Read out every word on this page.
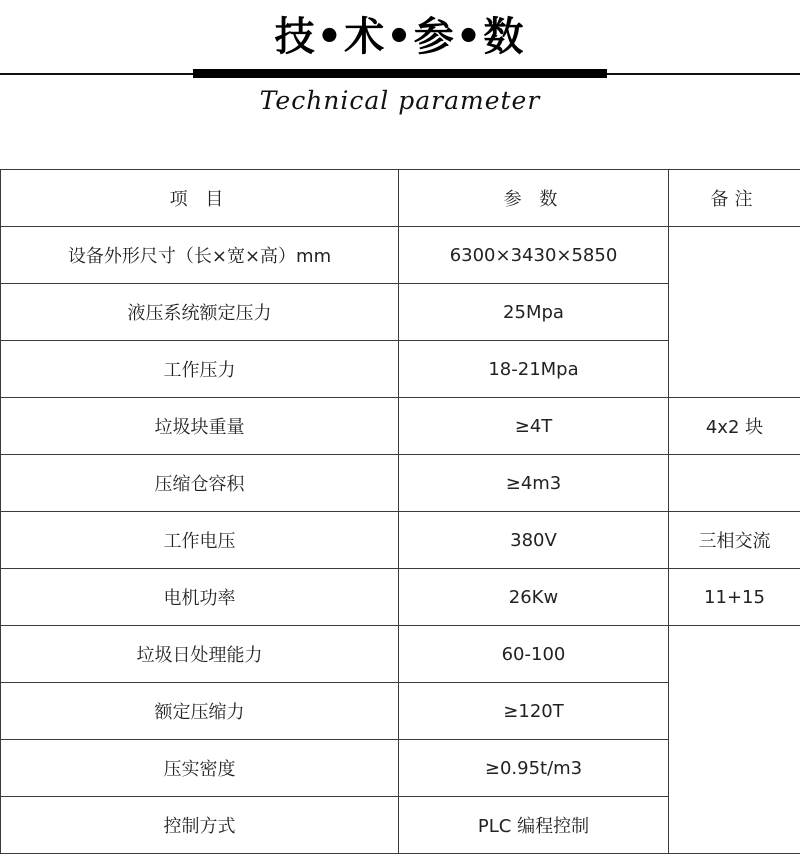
技•术•参•数
Technical parameter
项 目	参 数	备注
设备外形尺寸（长×宽×高）mm	6300×3430×5850	
液压系统额定压力	25Mpa	
工作压力	18-21Mpa	
垃圾块重量	≥4T	4x2 块
压缩仓容积	≥4m3	
工作电压	380V	三相交流
电机功率	26Kw	11+15
垃圾日处理能力	60-100	
额定压缩力	≥120T	
压实密度	≥0.95t/m3	
控制方式	PLC 编程控制	
